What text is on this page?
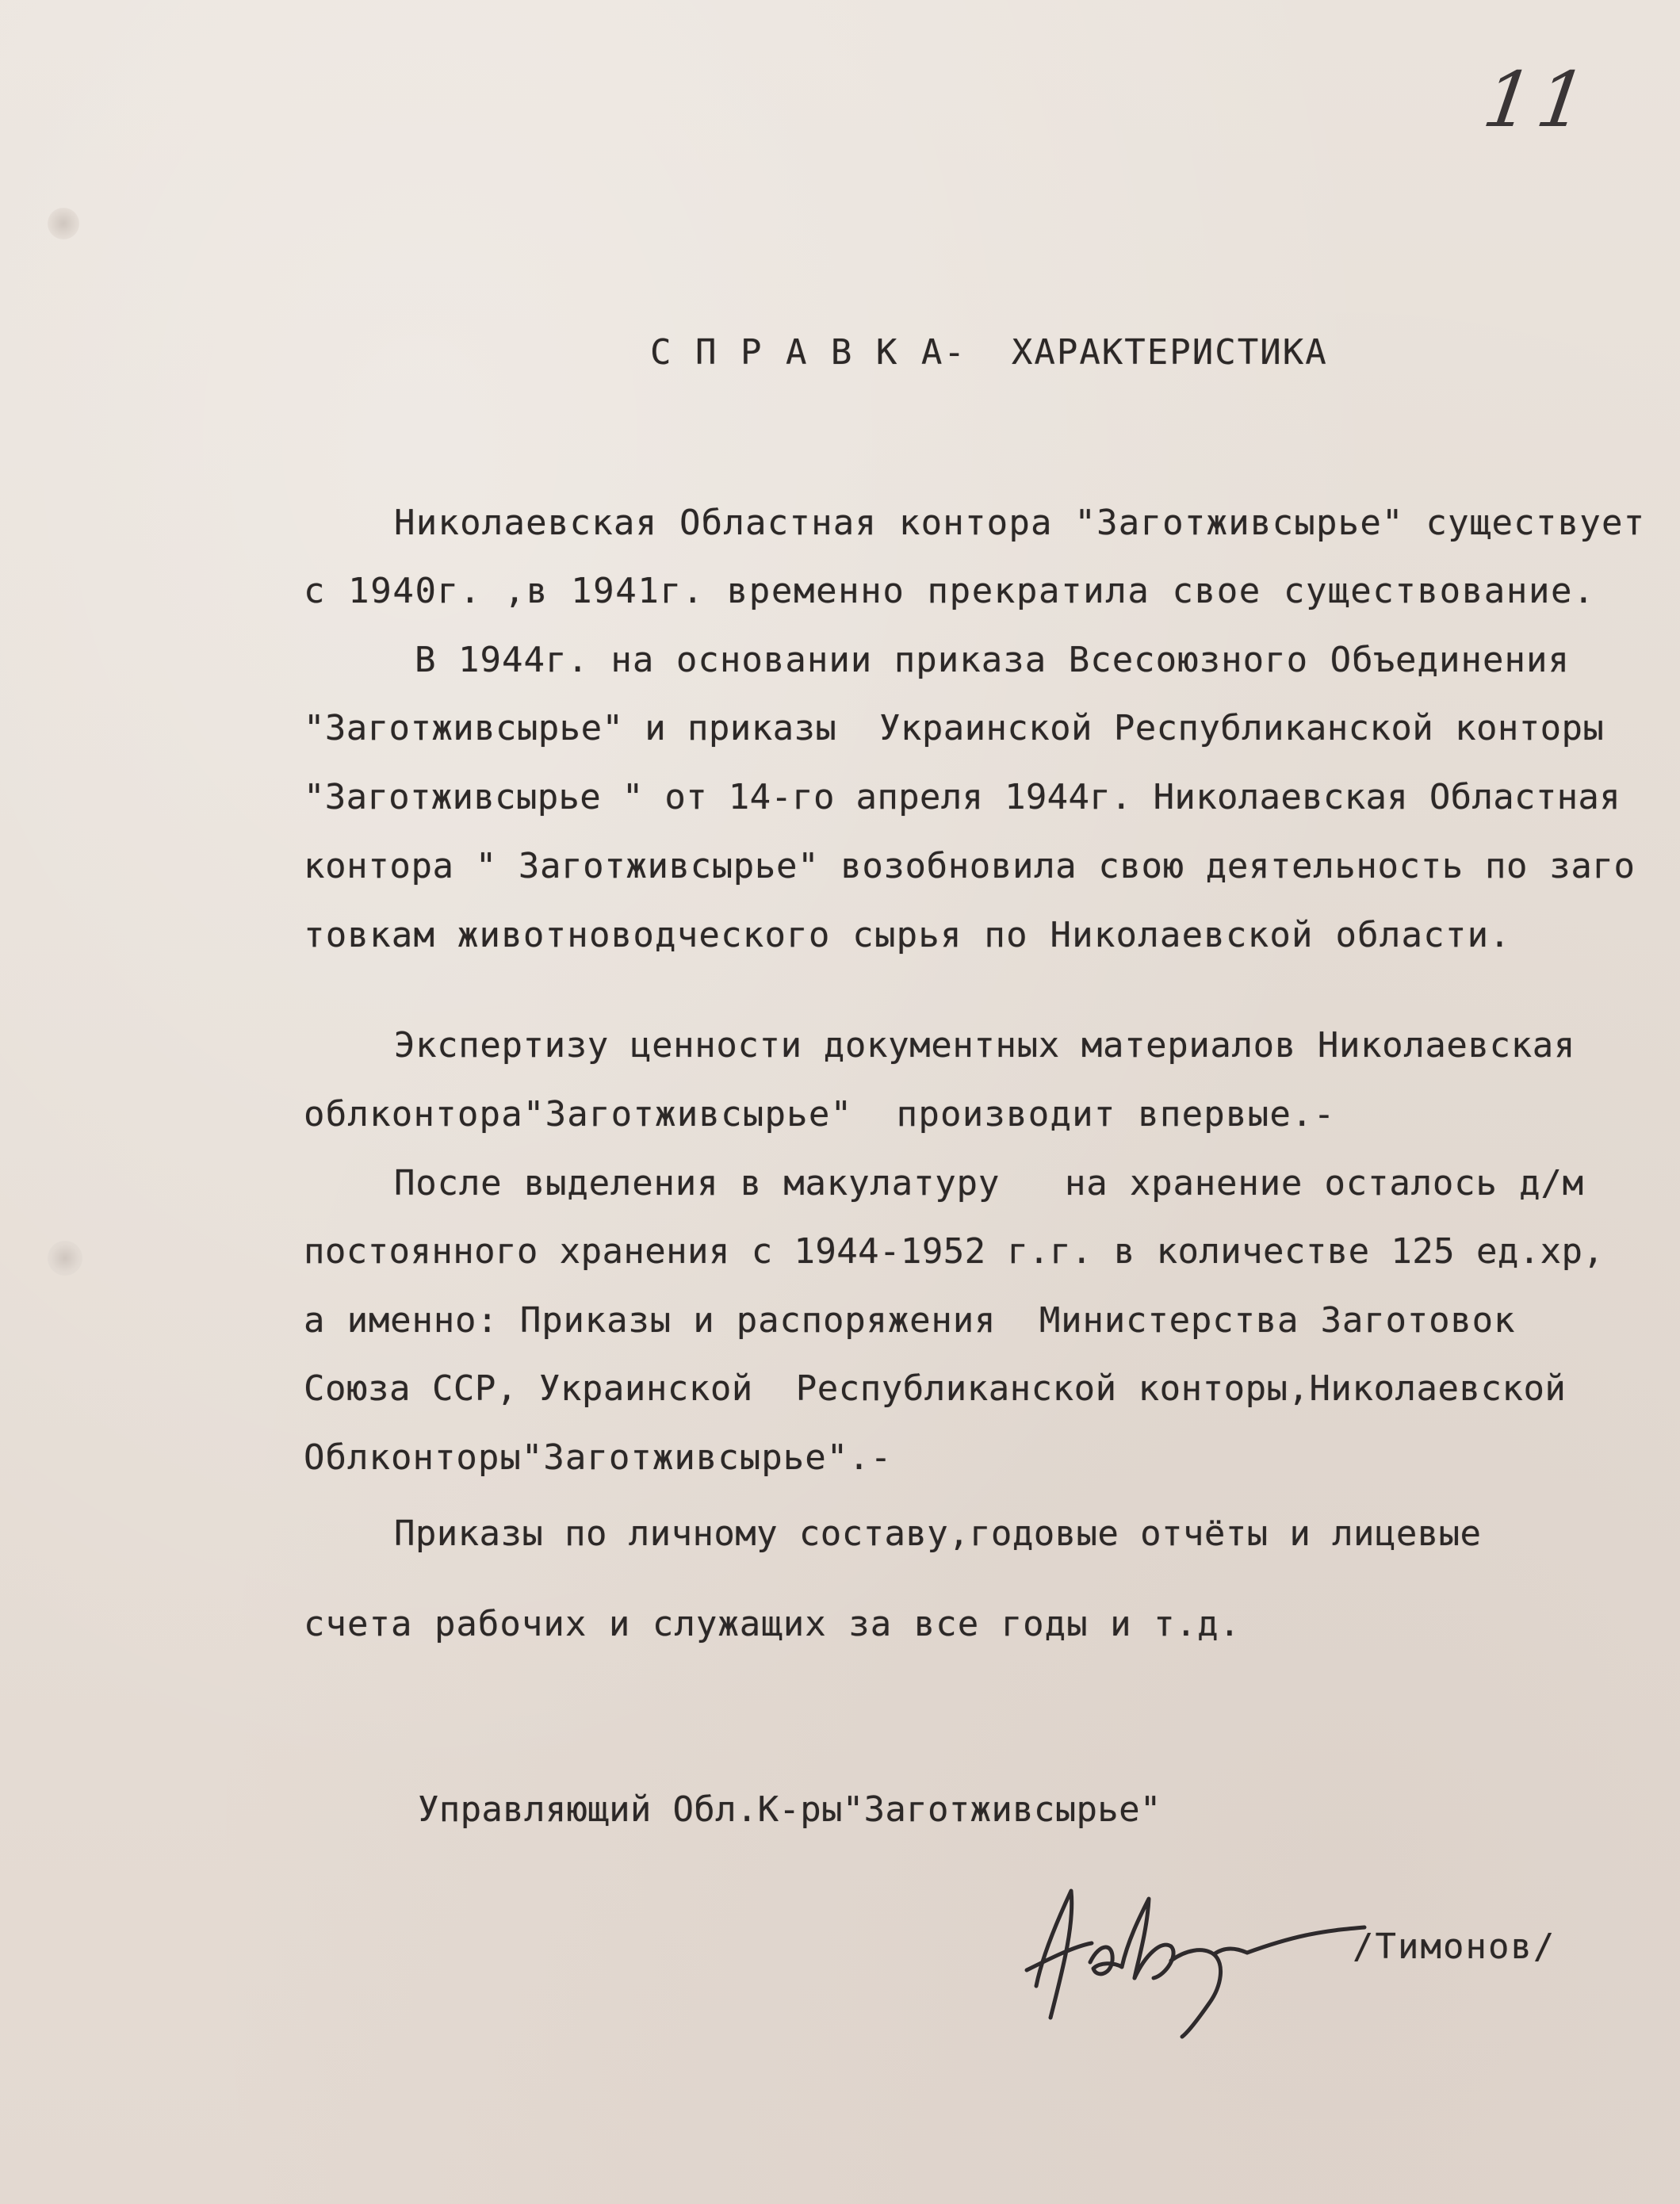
11
С П Р А В К А-  ХАРАКТЕРИСТИКА
Николаевская Областная контора "Заготживсырье" существует
с 1940г. ,в 1941г. временно прекратила свое существование.
В 1944г. на основании приказа Всесоюзного Объединения
"Заготживсырье" и приказы  Украинской Республиканской конторы
"Заготживсырье " от 14-го апреля 1944г. Николаевская Областная
контора " Заготживсырье" возобновила свою деятельность по заго
товкам животноводческого сырья по Николаевской области.
Экспертизу ценности документных материалов Николаевская
облконтора"Заготживсырье"  производит впервые.-
После выделения в макулатуру   на хранение осталось д/м
постоянного хранения с 1944-1952 г.г. в количестве 125 ед.хр,
а именно: Приказы и распоряжения  Министерства Заготовок
Союза ССР, Украинской  Республиканской конторы,Николаевской
Облконторы"Заготживсырье".-
Приказы по личному составу,годовые отчёты и лицевые
счета рабочих и служащих за все годы и т.д.
Управляющий Обл.К-ры"Заготживсырье"
/Тимонов/
